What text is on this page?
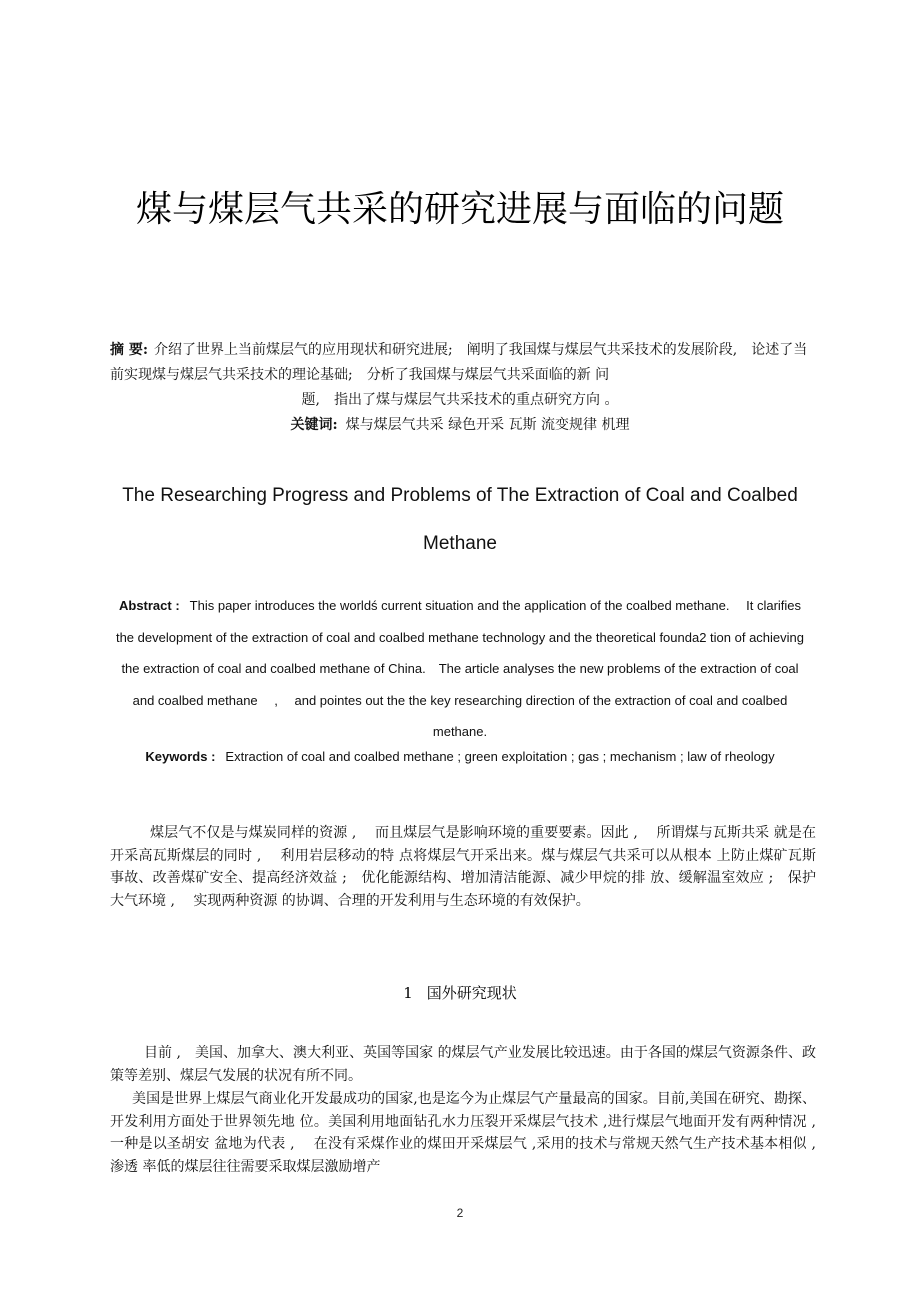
煤与煤层气共采的研究进展与面临的问题
摘 要: 介绍了世界上当前煤层气的应用现状和研究进展;　阐明了我国煤与煤层气共采技术的发展阶段,　论述了当前实现煤与煤层气共采技术的理论基础;　分析了我国煤与煤层气共采面临的新 问
题,　指出了煤与煤层气共采技术的重点研究方向 。
关键词: 煤与煤层气共采 绿色开采 瓦斯 流变规律 机理
The Researching Progress and Problems of The Extraction of Coal and Coalbed Methane
Abstract : This paper introduces the worldś current situation and the application of the coalbed methane.　 It clarifies the development of the extraction of coal and coalbed methane technology and the theoretical founda2 tion of achieving the extraction of coal and coalbed methane of China.　The article analyses the new problems of the extraction of coal and coalbed methane　 ,　 and pointes out the the key researching direction of the extraction of coal and coalbed methane.
Keywords : Extraction of coal and coalbed methane ; green exploitation ; gas ; mechanism ; law of rheology

煤层气不仅是与煤炭同样的资源 ,　 而且煤层气是影响环境的重要要素。因此 ,　 所谓煤与瓦斯共采 就是在开采高瓦斯煤层的同时 ,　 利用岩层移动的特 点将煤层气开采出来。煤与煤层气共采可以从根本 上防止煤矿瓦斯事故、改善煤矿安全、提高经济效益 ;　优化能源结构、增加清洁能源、减少甲烷的排 放、缓解温室效应 ;　保护大气环境 ,　 实现两种资源 的协调、合理的开发利用与生态环境的有效保护。

1 国外研究现状

目前 ,　美国、加拿大、澳大利亚、英国等国家 的煤层气产业发展比较迅速。由于各国的煤层气资源条件、政策等差别、煤层气发展的状况有所不同。

美国是世界上煤层气商业化开发最成功的国家,也是迄今为止煤层气产量最高的国家。目前,美国在研究、勘探、开发利用方面处于世界领先地 位。美国利用地面钻孔水力压裂开采煤层气技术 ,进行煤层气地面开发有两种情况 ,　 一种是以圣胡安 盆地为代表 ,　 在没有采煤作业的煤田开采煤层气 ,采用的技术与常规天然气生产技术基本相似 ,　 渗透 率低的煤层往往需要采取煤层激励增产

2
